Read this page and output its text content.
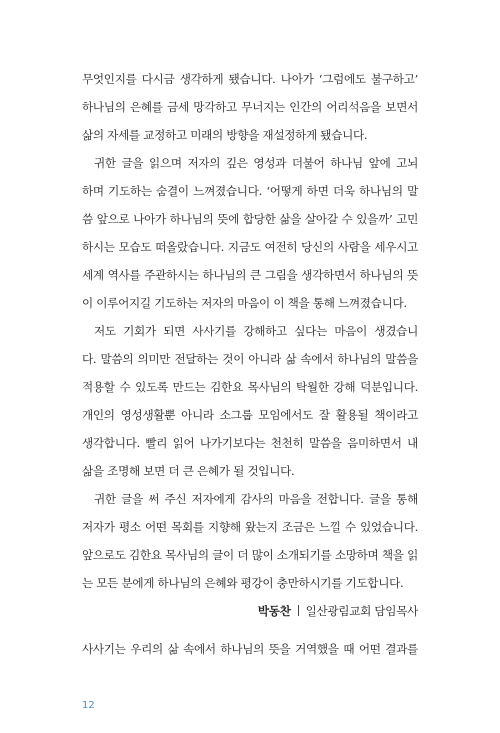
무엇인지를 다시금 생각하게 됐습니다. 나아가 ‘그럼에도 불구하고’
하나님의 은혜를 금세 망각하고 무너지는 인간의 어리석음을 보면서
삶의 자세를 교정하고 미래의 방향을 재설정하게 됐습니다.
귀한 글을 읽으며 저자의 깊은 영성과 더불어 하나님 앞에 고뇌
하며 기도하는 숨결이 느껴졌습니다. ‘어떻게 하면 더욱 하나님의 말
씀 앞으로 나아가 하나님의 뜻에 합당한 삶을 살아갈 수 있을까’ 고민
하시는 모습도 떠올랐습니다. 지금도 여전히 당신의 사람을 세우시고
세계 역사를 주관하시는 하나님의 큰 그림을 생각하면서 하나님의 뜻
이 이루어지길 기도하는 저자의 마음이 이 책을 통해 느껴졌습니다.
저도 기회가 되면 사사기를 강해하고 싶다는 마음이 생겼습니
다. 말씀의 의미만 전달하는 것이 아니라 삶 속에서 하나님의 말씀을
적용할 수 있도록 만드는 김한요 목사님의 탁월한 강해 덕분입니다.
개인의 영성생활뿐 아니라 소그룹 모임에서도 잘 활용될 책이라고
생각합니다. 빨리 읽어 나가기보다는 천천히 말씀을 음미하면서 내
삶을 조명해 보면 더 큰 은혜가 될 것입니다.
귀한 글을 써 주신 저자에게 감사의 마음을 전합니다. 글을 통해
저자가 평소 어떤 목회를 지향해 왔는지 조금은 느낄 수 있었습니다.
앞으로도 김한요 목사님의 글이 더 많이 소개되기를 소망하며 책을 읽
는 모든 분에게 하나님의 은혜와 평강이 충만하시기를 기도합니다.
박동찬 일산광림교회 담임목사
사사기는 우리의 삶 속에서 하나님의 뜻을 거역했을 때 어떤 결과를
12
